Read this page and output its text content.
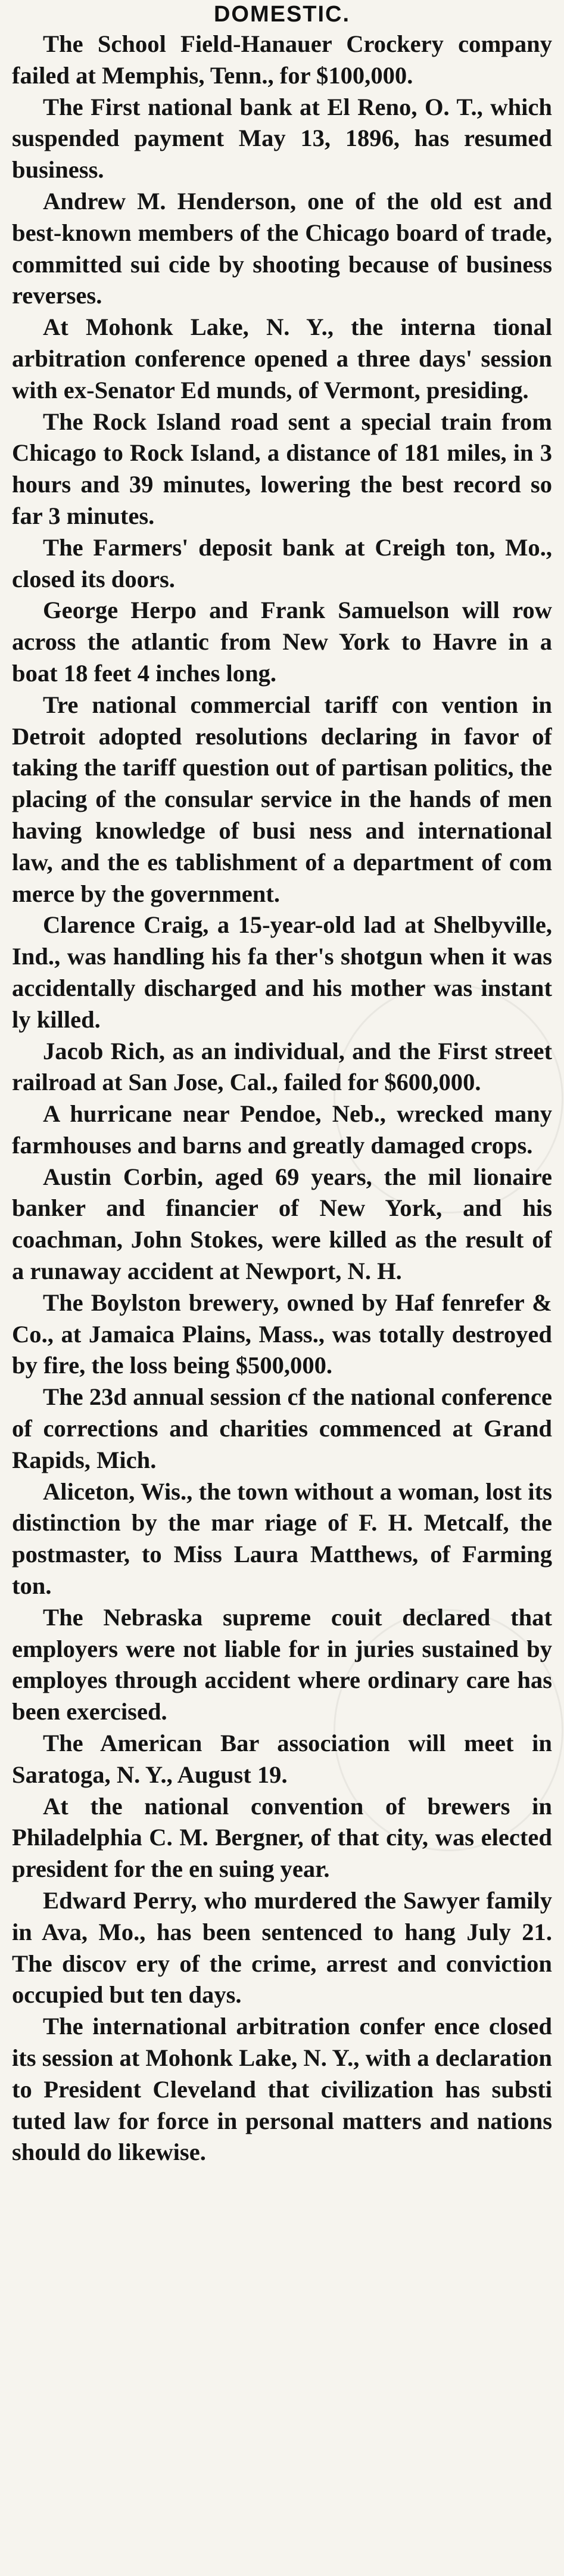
DOMESTIC.

The School Field-Hanauer Crockery company failed at Memphis, Tenn., for $100,000.

The First national bank at El Reno, O. T., which suspended payment May 13, 1896, has resumed business.

Andrew M. Henderson, one of the old est and best-known members of the Chicago board of trade, committed sui cide by shooting because of business reverses.

At Mohonk Lake, N. Y., the interna tional arbitration conference opened a three days' session with ex-Senator Ed munds, of Vermont, presiding.

The Rock Island road sent a special train from Chicago to Rock Island, a distance of 181 miles, in 3 hours and 39 minutes, lowering the best record so far 3 minutes.

The Farmers' deposit bank at Creigh ton, Mo., closed its doors.

George Herpo and Frank Samuelson will row across the atlantic from New York to Havre in a boat 18 feet 4 inches long.

Tre national commercial tariff con vention in Detroit adopted resolutions declaring in favor of taking the tariff question out of partisan politics, the placing of the consular service in the hands of men having knowledge of busi ness and international law, and the es tablishment of a department of com merce by the government.

Clarence Craig, a 15-year-old lad at Shelbyville, Ind., was handling his fa ther's shotgun when it was accidentally discharged and his mother was instant ly killed.

Jacob Rich, as an individual, and the First street railroad at San Jose, Cal., failed for $600,000.

A hurricane near Pendoe, Neb., wrecked many farmhouses and barns and greatly damaged crops.

Austin Corbin, aged 69 years, the mil lionaire banker and financier of New York, and his coachman, John Stokes, were killed as the result of a runaway accident at Newport, N. H.

The Boylston brewery, owned by Haf fenrefer & Co., at Jamaica Plains, Mass., was totally destroyed by fire, the loss being $500,000.

The 23d annual session cf the national conference of corrections and charities commenced at Grand Rapids, Mich.

Aliceton, Wis., the town without a woman, lost its distinction by the mar riage of F. H. Metcalf, the postmaster, to Miss Laura Matthews, of Farming ton.

The Nebraska supreme couit declared that employers were not liable for in juries sustained by employes through accident where ordinary care has been exercised.

The American Bar association will meet in Saratoga, N. Y., August 19.

At the national convention of brewers in Philadelphia C. M. Bergner, of that city, was elected president for the en suing year.

Edward Perry, who murdered the Sawyer family in Ava, Mo., has been sentenced to hang July 21. The discov ery of the crime, arrest and conviction occupied but ten days.

The international arbitration confer ence closed its session at Mohonk Lake, N. Y., with a declaration to President Cleveland that civilization has substi tuted law for force in personal matters and nations should do likewise.
